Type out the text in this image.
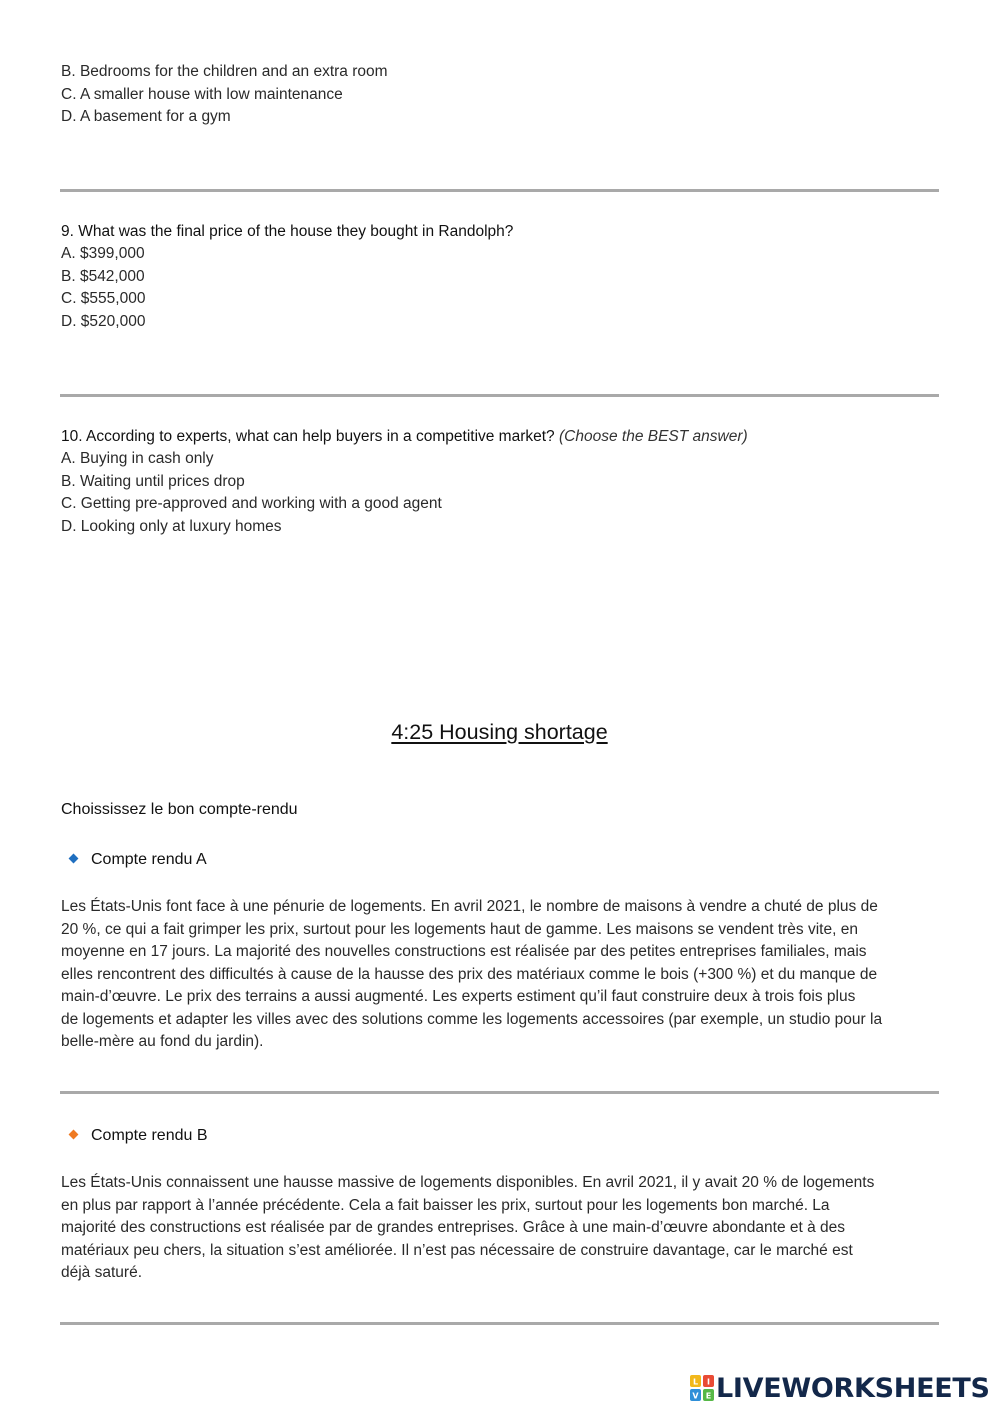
B. Bedrooms for the children and an extra room
C. A smaller house with low maintenance
D. A basement for a gym
9. What was the final price of the house they bought in Randolph?
A. $399,000
B. $542,000
C. $555,000
D. $520,000
10. According to experts, what can help buyers in a competitive market? (Choose the BEST answer)
A. Buying in cash only
B. Waiting until prices drop
C. Getting pre-approved and working with a good agent
D. Looking only at luxury homes
4:25 Housing shortage
Choississez le bon compte-rendu
Compte rendu A
Les États-Unis font face à une pénurie de logements. En avril 2021, le nombre de maisons à vendre a chuté de plus de
20 %, ce qui a fait grimper les prix, surtout pour les logements haut de gamme. Les maisons se vendent très vite, en
moyenne en 17 jours. La majorité des nouvelles constructions est réalisée par des petites entreprises familiales, mais
elles rencontrent des difficultés à cause de la hausse des prix des matériaux comme le bois (+300 %) et du manque de
main-d’œuvre. Le prix des terrains a aussi augmenté. Les experts estiment qu’il faut construire deux à trois fois plus
de logements et adapter les villes avec des solutions comme les logements accessoires (par exemple, un studio pour la
belle-mère au fond du jardin).
Compte rendu B
Les États-Unis connaissent une hausse massive de logements disponibles. En avril 2021, il y avait 20 % de logements
en plus par rapport à l’année précédente. Cela a fait baisser les prix, surtout pour les logements bon marché. La
majorité des constructions est réalisée par de grandes entreprises. Grâce à une main-d’œuvre abondante et à des
matériaux peu chers, la situation s’est améliorée. Il n’est pas nécessaire de construire davantage, car le marché est
déjà saturé.
L I
V E LIVEWORKSHEETS
